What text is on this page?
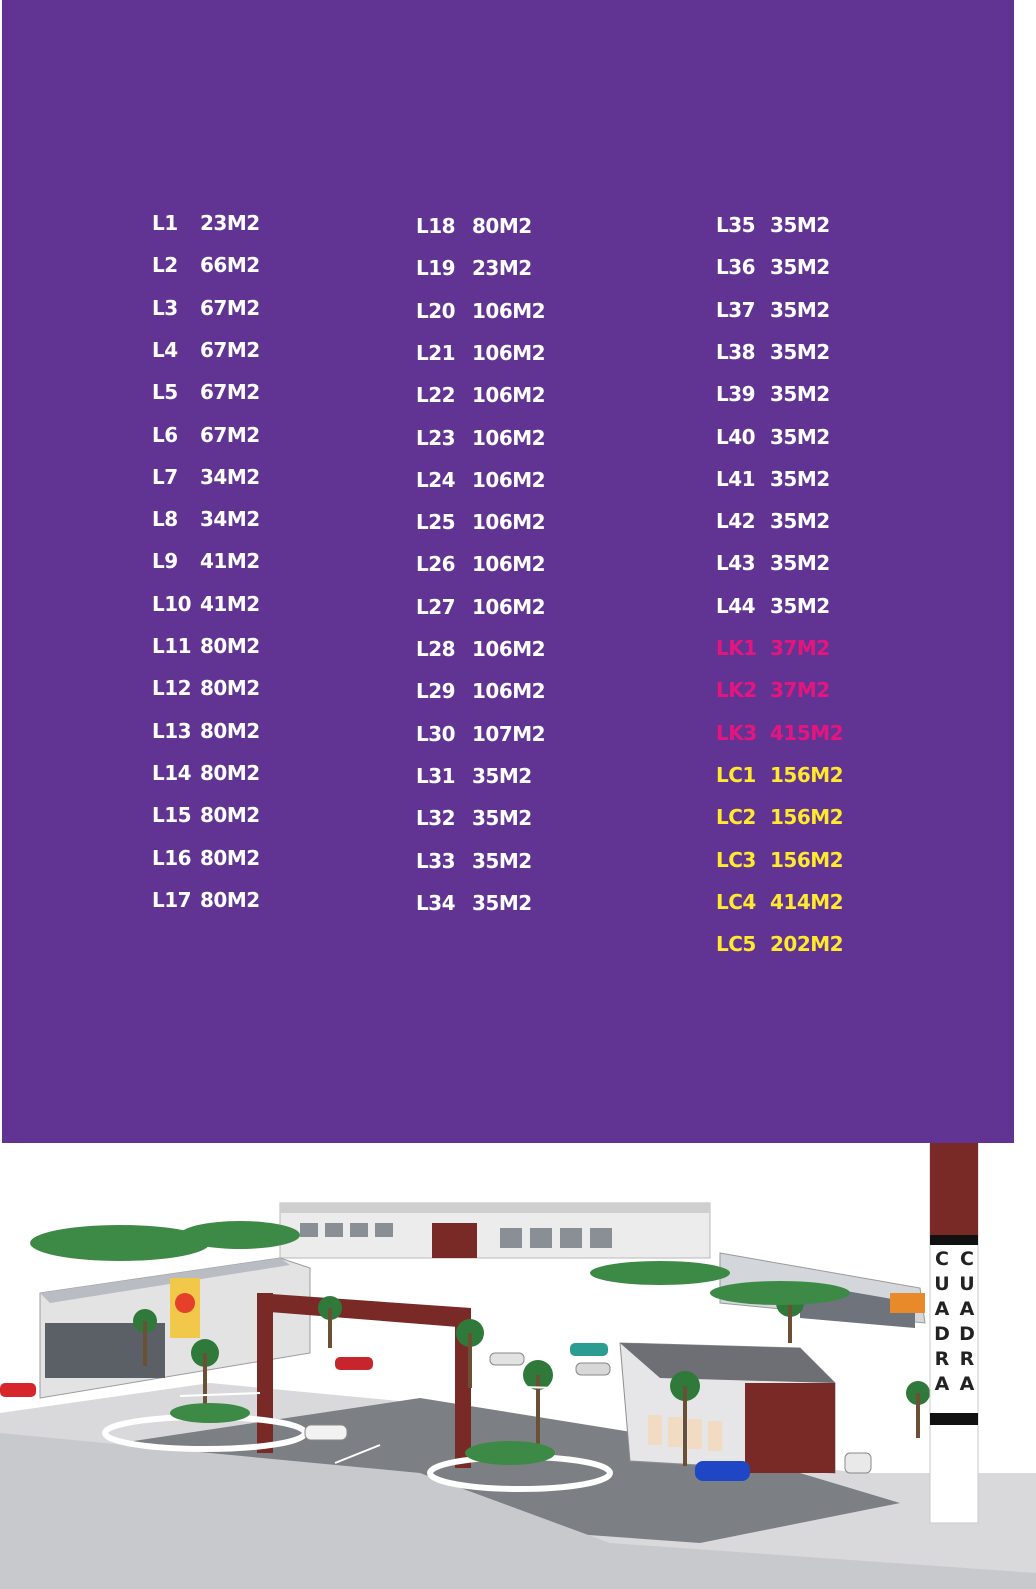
L1 23M2
L2 66M2
L3 67M2
L4 67M2
L5 67M2
L6 67M2
L7 34M2
L8 34M2
L9 41M2
L10 41M2
L11 80M2
L12 80M2
L13 80M2
L14 80M2
L15 80M2
L16 80M2
L17 80M2
L18 80M2
L19 23M2
L20 106M2
L21 106M2
L22 106M2
L23 106M2
L24 106M2
L25 106M2
L26 106M2
L27 106M2
L28 106M2
L29 106M2
L30 107M2
L31 35M2
L32 35M2
L33 35M2
L34 35M2
L35 35M2
L36 35M2
L37 35M2
L38 35M2
L39 35M2
L40 35M2
L41 35M2
L42 35M2
L43 35M2
L44 35M2
LK1 37M2
LK2 37M2
LK3 415M2
LC1 156M2
LC2 156M2
LC3 156M2
LC4 414M2
LC5 202M2
C
U
A
D
R
A
C
U
A
D
R
A
